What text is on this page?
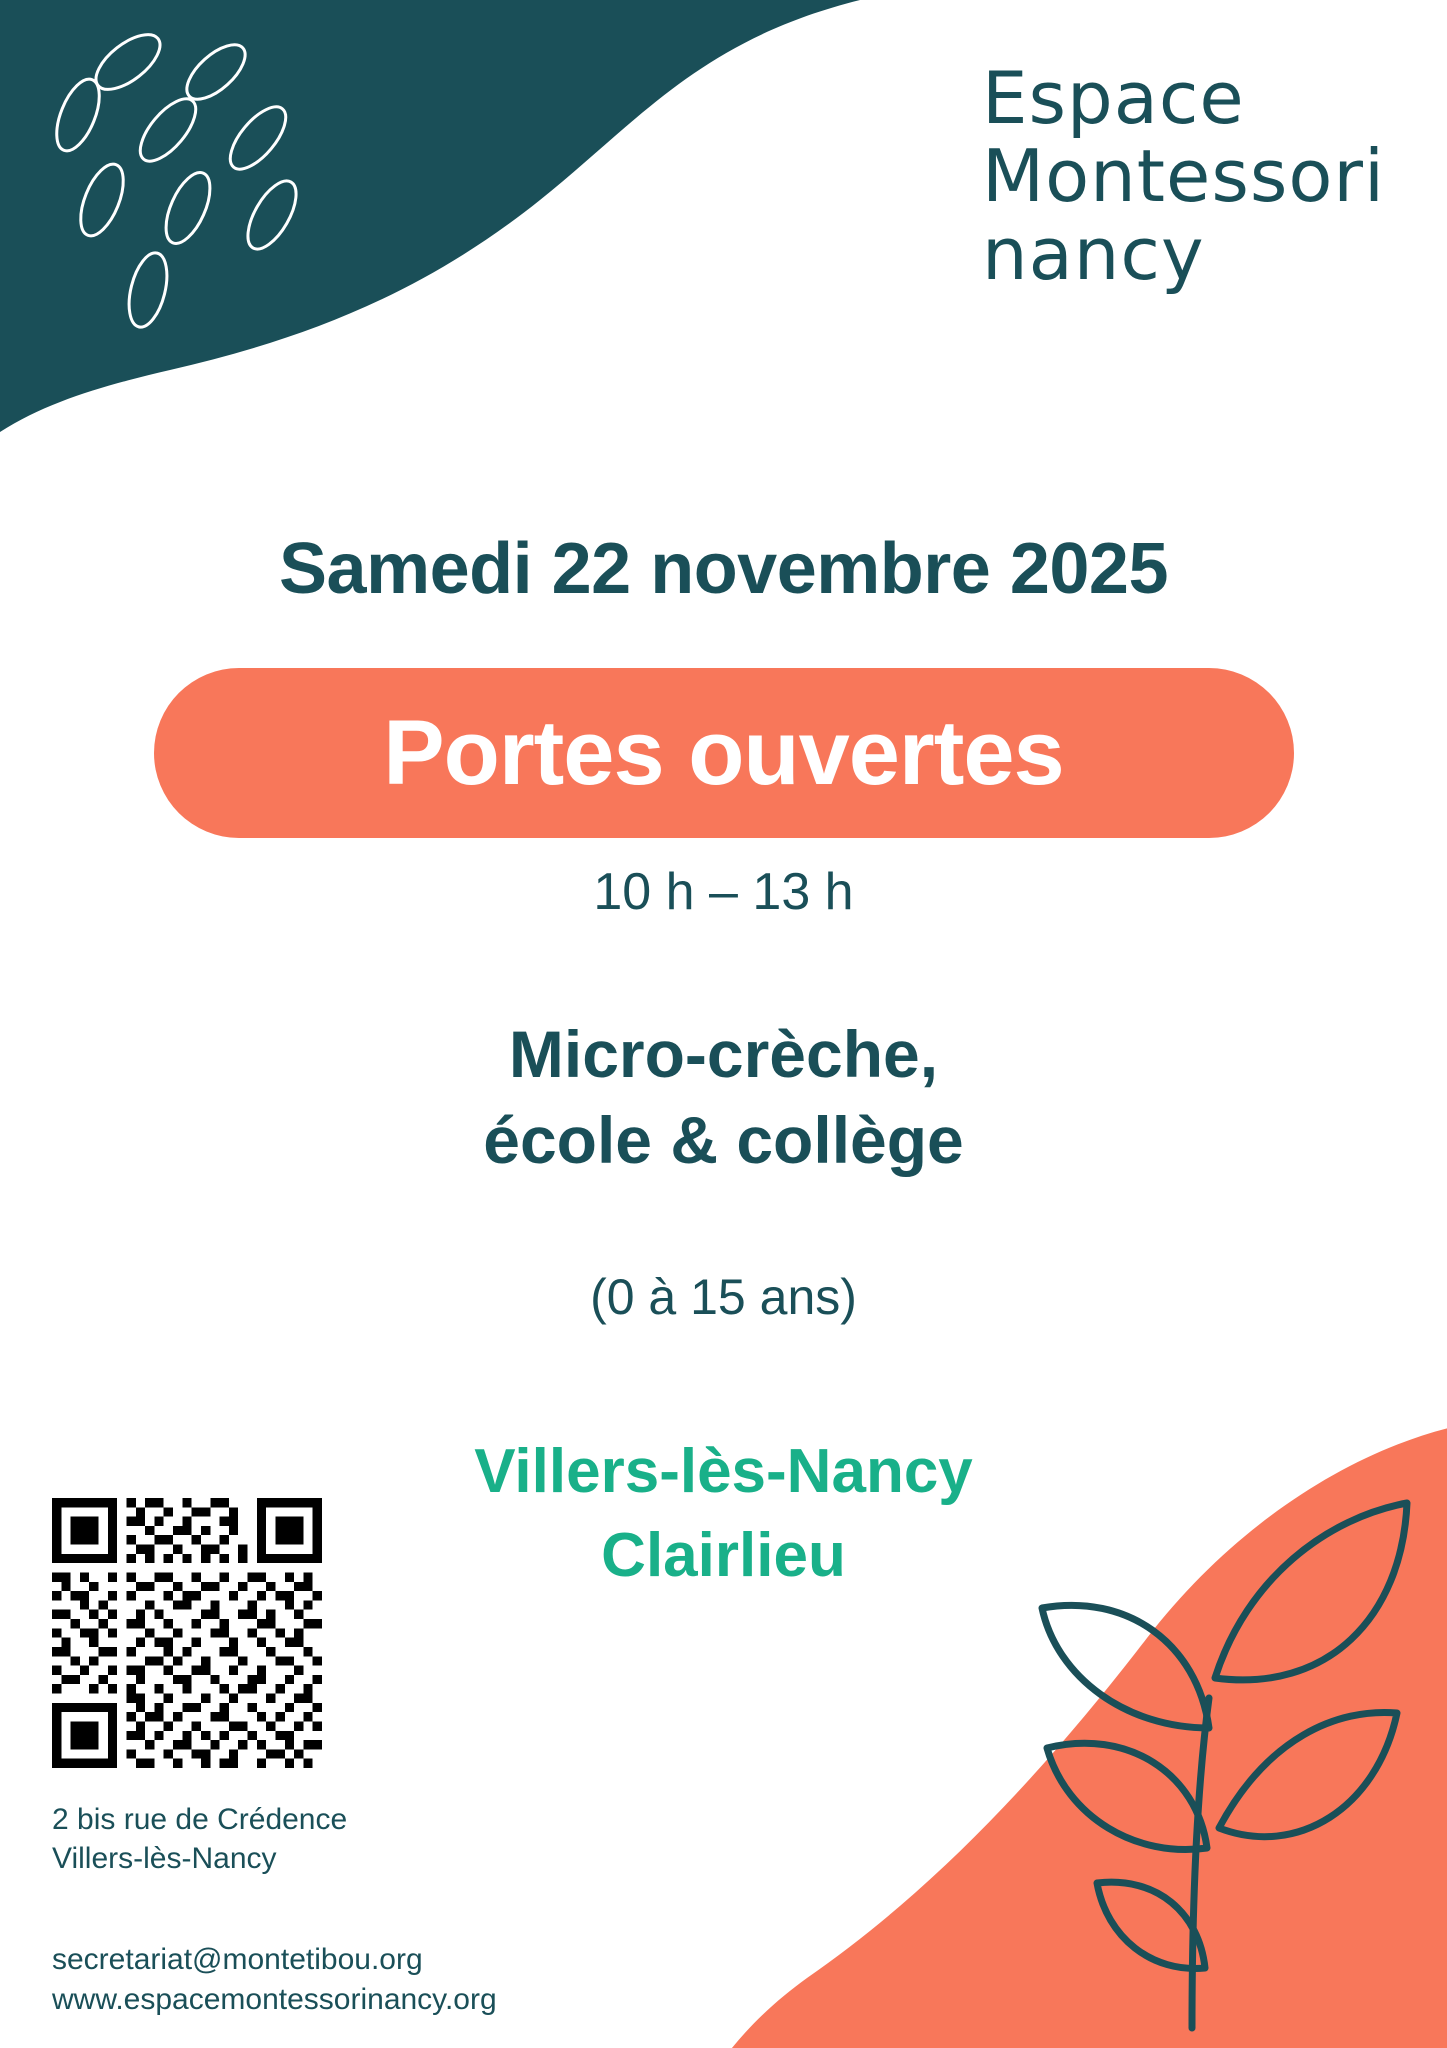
Espace
Montessori
nancy
Samedi 22 novembre 2025
Portes ouvertes
10 h – 13 h
Micro-crèche,
école & collège
(0 à 15 ans)
Villers-lès-Nancy
Clairlieu
2 bis rue de Crédence
Villers-lès-Nancy
secretariat@montetibou.org
www.espacemontessorinancy.org
